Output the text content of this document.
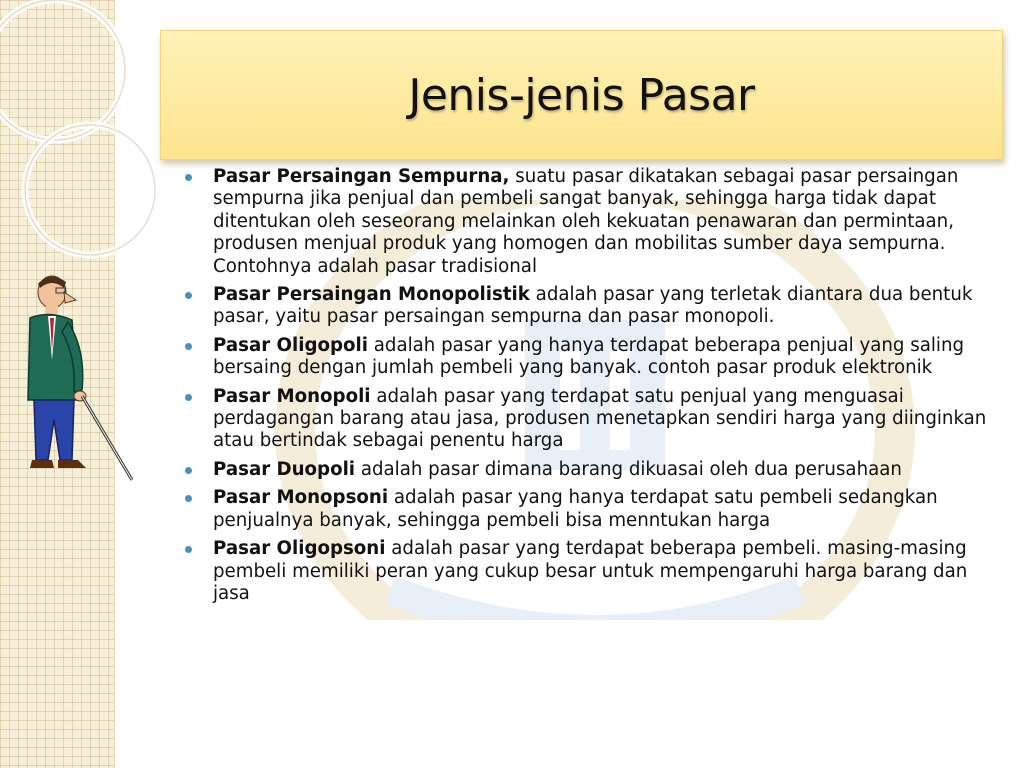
Jenis-jenis Pasar
Pasar Persaingan Sempurna, suatu pasar dikatakan sebagai pasar persaingan sempurna jika penjual dan pembeli sangat banyak, sehingga harga tidak dapat ditentukan oleh seseorang melainkan oleh kekuatan penawaran dan permintaan, produsen menjual produk yang homogen dan mobilitas sumber daya sempurna. Contohnya adalah pasar tradisional
Pasar Persaingan Monopolistik adalah pasar yang terletak diantara dua bentuk pasar, yaitu pasar persaingan sempurna dan pasar monopoli.
Pasar Oligopoli adalah pasar yang hanya terdapat beberapa penjual yang saling bersaing dengan jumlah pembeli yang banyak. contoh pasar produk elektronik
Pasar Monopoli adalah pasar yang terdapat satu penjual yang menguasai perdagangan barang atau jasa, produsen menetapkan sendiri harga yang diinginkan atau bertindak sebagai penentu harga
Pasar Duopoli adalah pasar dimana barang dikuasai oleh dua perusahaan
Pasar Monopsoni adalah pasar yang hanya terdapat satu pembeli sedangkan penjualnya banyak, sehingga pembeli bisa menntukan harga
Pasar Oligopsoni adalah pasar yang terdapat beberapa pembeli. masing-masing pembeli memiliki peran yang cukup besar untuk mempengaruhi harga barang dan jasa
